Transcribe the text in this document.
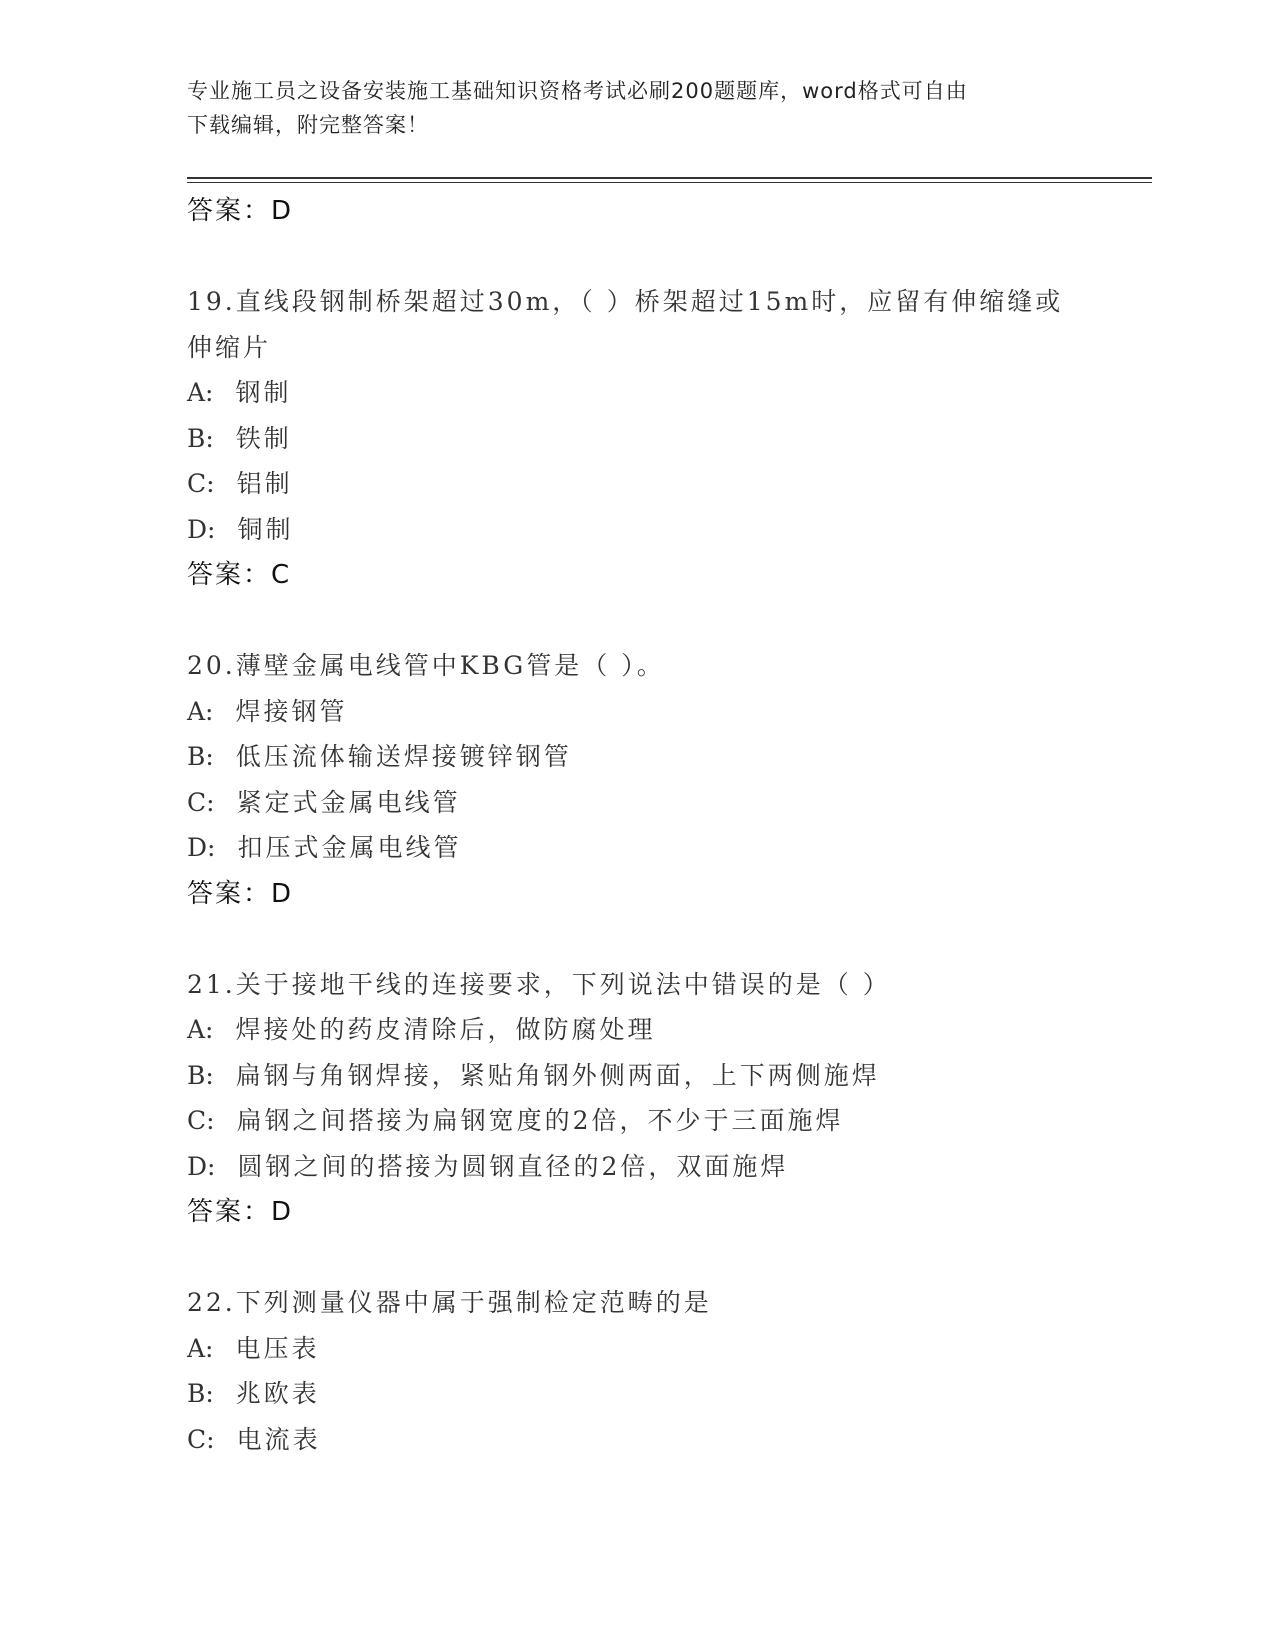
专业施工员之设备安装施工基础知识资格考试必刷200题题库，word格式可自由
下载编辑，附完整答案！
答案：D
19.直线段钢制桥架超过30m，（ ）桥架超过15m时，应留有伸缩缝或
伸缩片
A: 钢制
B: 铁制
C: 铝制
D: 铜制
答案：C
20.薄壁金属电线管中KBG管是（ ）。
A: 焊接钢管
B: 低压流体输送焊接镀锌钢管
C: 紧定式金属电线管
D: 扣压式金属电线管
答案：D
21.关于接地干线的连接要求，下列说法中错误的是（ ）
A: 焊接处的药皮清除后，做防腐处理
B: 扁钢与角钢焊接，紧贴角钢外侧两面，上下两侧施焊
C: 扁钢之间搭接为扁钢宽度的2倍，不少于三面施焊
D: 圆钢之间的搭接为圆钢直径的2倍，双面施焊
答案：D
22.下列测量仪器中属于强制检定范畴的是
A: 电压表
B: 兆欧表
C: 电流表
